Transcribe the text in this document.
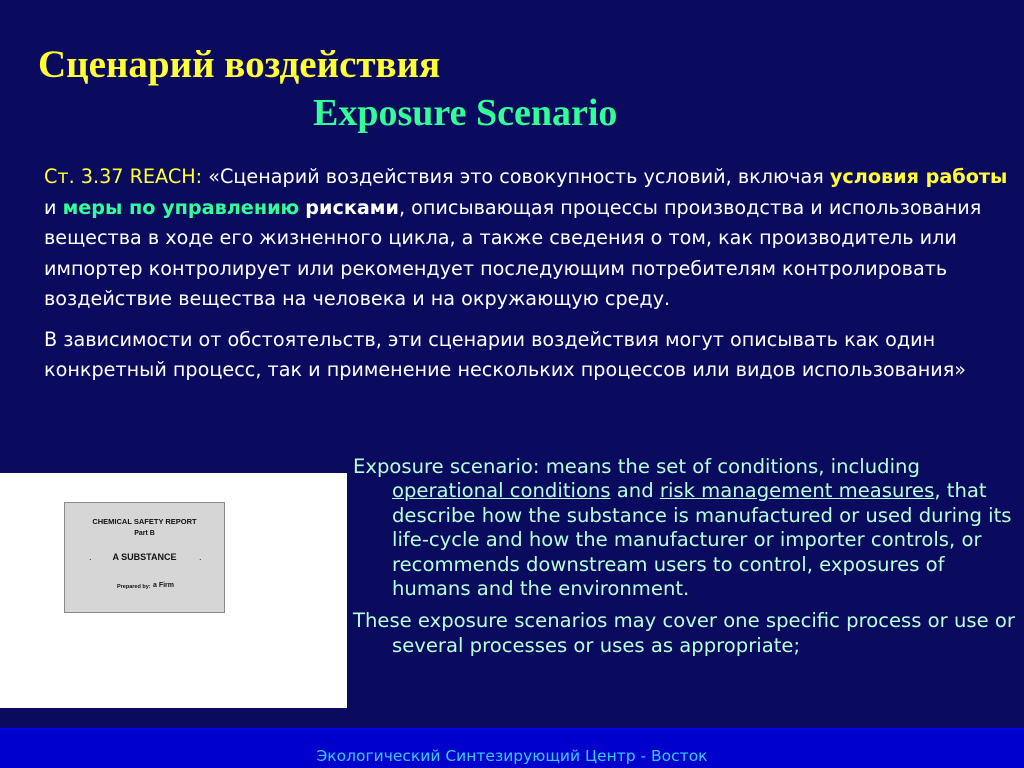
Сценарий воздействия
Exposure Scenario

Ст. 3.37 REACH: «Сценарий воздействия это совокупность условий, включая условия работы и меры по управлению рисками, описывающая процессы производства и использования вещества в ходе его жизненного цикла, а также сведения о том, как производитель или импортер контролирует или рекомендует последующим потребителям контролировать воздействие вещества на человека и на окружающую среду.

В зависимости от обстоятельств, эти сценарии воздействия могут описывать как один конкретный процесс, так и применение нескольких процессов или видов использования»

CHEMICAL SAFETY REPORT
Part B
.	A SUBSTANCE	.
Prepared by: a Firm

Exposure scenario: means the set of conditions, including operational conditions and risk management measures, that describe how the substance is manufactured or used during its life-cycle and how the manufacturer or importer controls, or recommends downstream users to control, exposures of humans and the environment.

These exposure scenarios may cover one specific process or use or several processes or uses as appropriate;

Экологический Синтезирующий Центр - Восток
